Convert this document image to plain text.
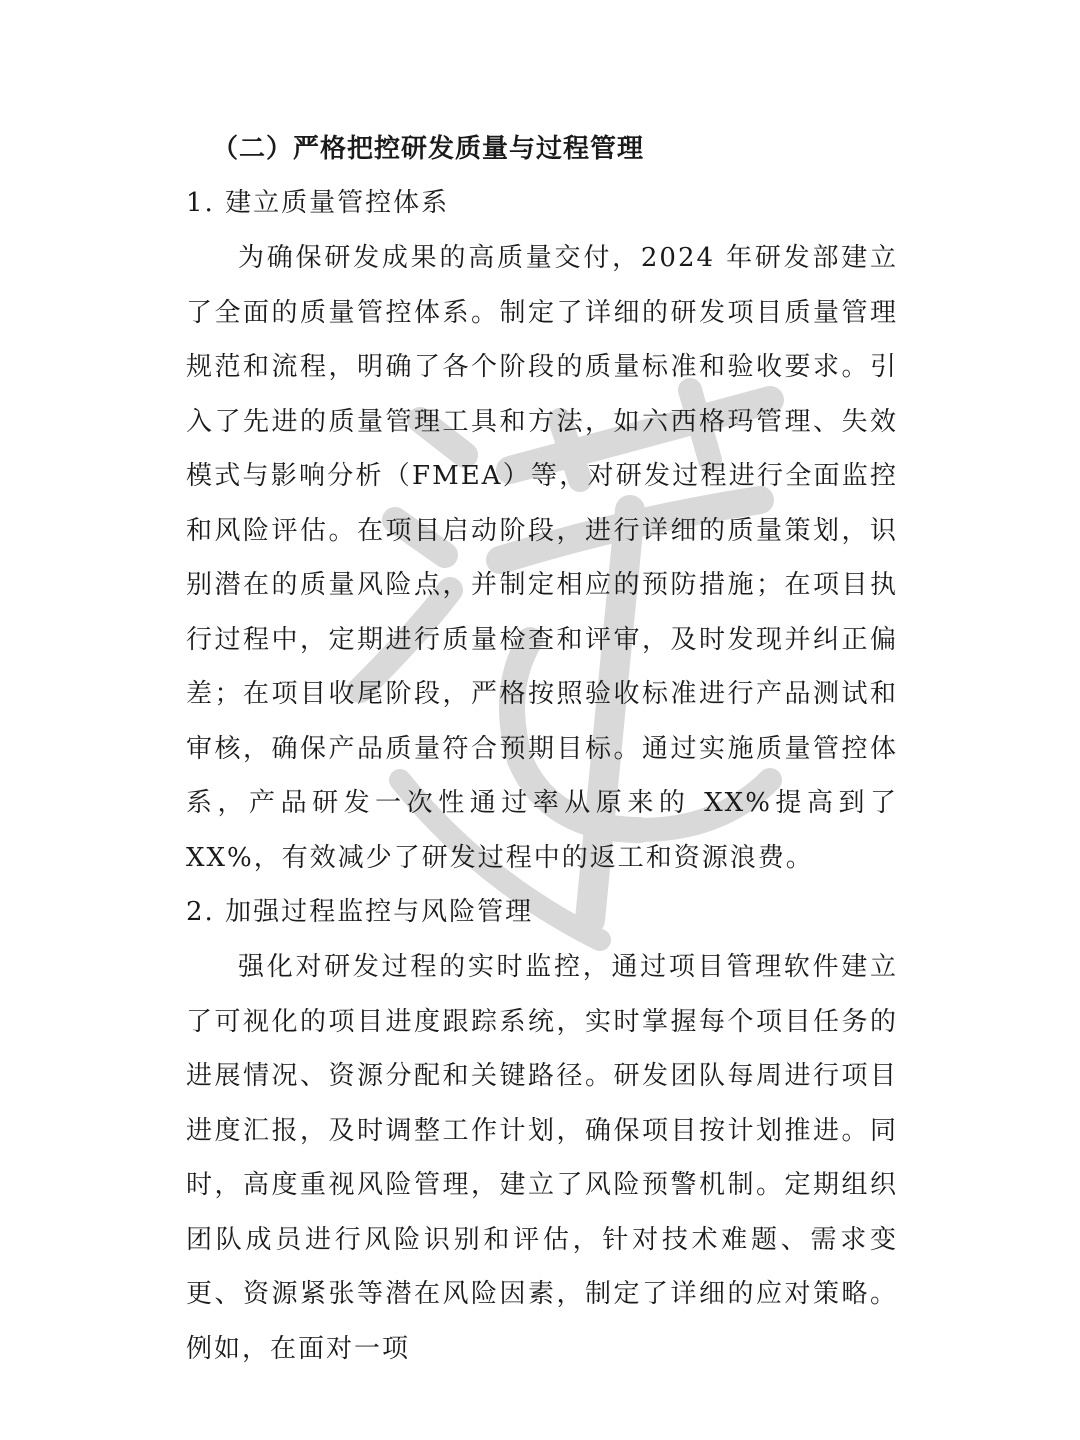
（二）严格把控研发质量与过程管理

1. 建立质量管控体系

为确保研发成果的高质量交付，2024 年研发部建立了全面的质量管控体系。制定了详细的研发项目质量管理规范和流程，明确了各个阶段的质量标准和验收要求。引入了先进的质量管理工具和方法，如六西格玛管理、失效模式与影响分析（FMEA）等，对研发过程进行全面监控和风险评估。在项目启动阶段，进行详细的质量策划，识别潜在的质量风险点，并制定相应的预防措施；在项目执行过程中，定期进行质量检查和评审，及时发现并纠正偏差；在项目收尾阶段，严格按照验收标准进行产品测试和审核，确保产品质量符合预期目标。通过实施质量管控体系，产品研发一次性通过率从原来的 XX%提高到了 XX%，有效减少了研发过程中的返工和资源浪费。

2. 加强过程监控与风险管理

强化对研发过程的实时监控，通过项目管理软件建立了可视化的项目进度跟踪系统，实时掌握每个项目任务的进展情况、资源分配和关键路径。研发团队每周进行项目进度汇报，及时调整工作计划，确保项目按计划推进。同时，高度重视风险管理，建立了风险预警机制。定期组织团队成员进行风险识别和评估，针对技术难题、需求变更、资源紧张等潜在风险因素，制定了详细的应对策略。例如，在面对一项
